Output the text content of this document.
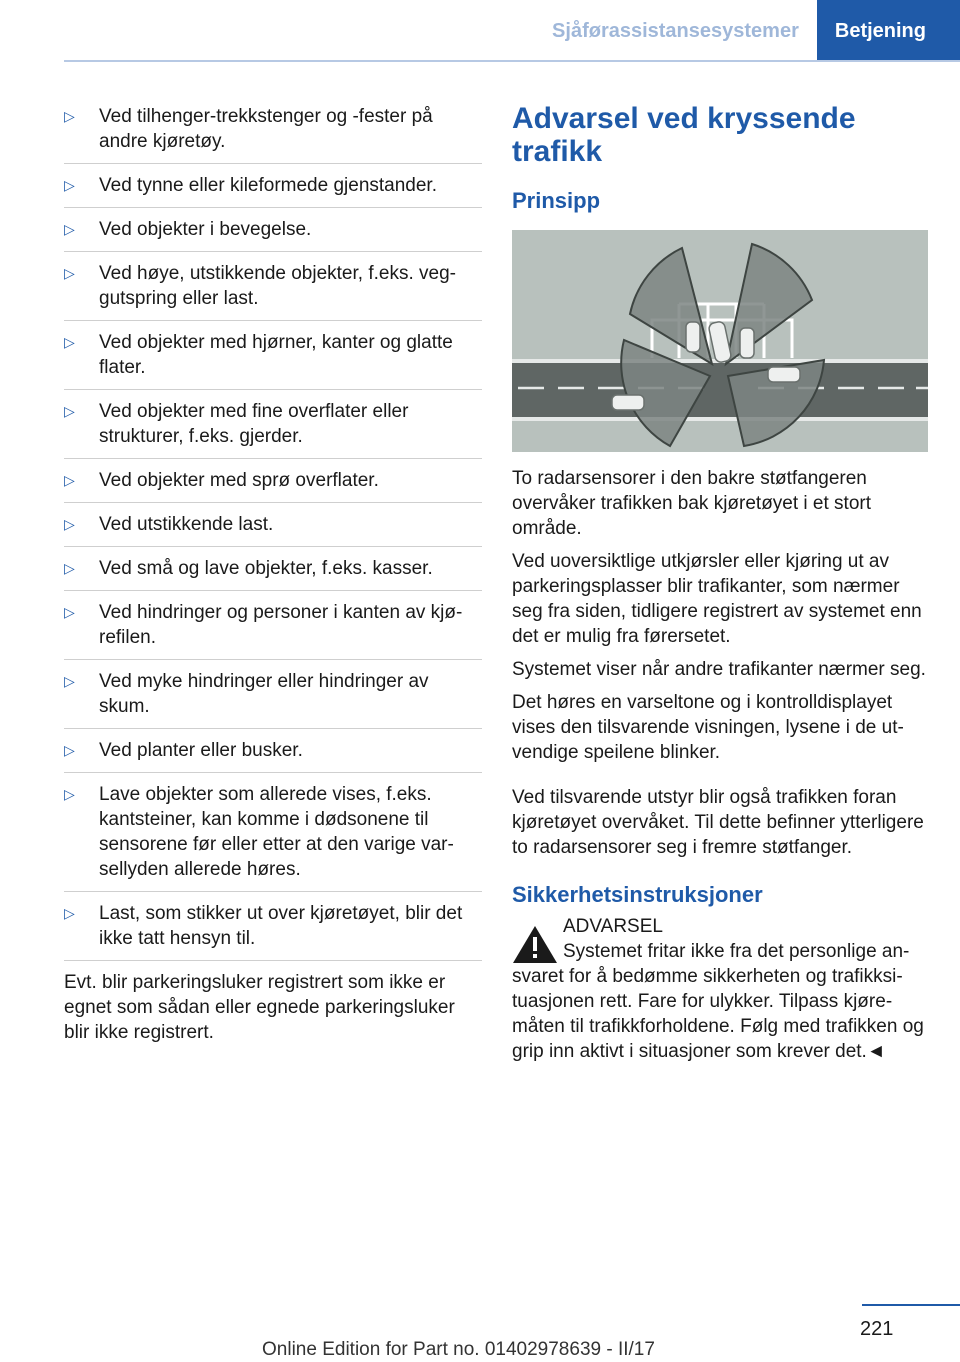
Sjåførassistansesystemer	Betjening
▷ Ved tilhenger-trekkstenger og -fester på andre kjøretøy.
▷ Ved tynne eller kileformede gjenstander.
▷ Ved objekter i bevegelse.
▷ Ved høye, utstikkende objekter, f.eks. veggutspring eller last.
▷ Ved objekter med hjørner, kanter og glatte flater.
▷ Ved objekter med fine overflater eller strukturer, f.eks. gjerder.
▷ Ved objekter med sprø overflater.
▷ Ved utstikkende last.
▷ Ved små og lave objekter, f.eks. kasser.
▷ Ved hindringer og personer i kanten av kjørefilen.
▷ Ved myke hindringer eller hindringer av skum.
▷ Ved planter eller busker.
▷ Lave objekter som allerede vises, f.eks. kantsteiner, kan komme i dødsonene til sensorene før eller etter at den varige varsellyden allerede høres.
▷ Last, som stikker ut over kjøretøyet, blir det ikke tatt hensyn til.

Evt. blir parkeringsluker registrert som ikke er egnet som sådan eller egnede parkeringsluker blir ikke registrert.

Advarsel ved kryssende trafikk
Prinsipp

To radarsensorer i den bakre støtfangeren overvåker trafikken bak kjøretøyet i et stort område.

Ved uoversiktlige utkjørsler eller kjøring ut av parkeringsplasser blir trafikanter, som nærmer seg fra siden, tidligere registrert av systemet enn det er mulig fra førersetet.

Systemet viser når andre trafikanter nærmer seg.

Det høres en varseltone og i kontrolldisplayet vises den tilsvarende visningen, lysene i de utvendige speilene blinker.

Ved tilsvarende utstyr blir også trafikken foran kjøretøyet overvåket. Til dette befinner ytterligere to radarsensorer seg i fremre støtfanger.

Sikkerhetsinstruksjoner
ADVARSEL
Systemet fritar ikke fra det personlige ansvaret for å bedømme sikkerheten og trafikksituasjonen rett. Fare for ulykker. Tilpass kjøremåten til trafikkforholdene. Følg med trafikken og grip inn aktivt i situasjoner som krever det.◄
221
Online Edition for Part no. 01402978639 - II/17
